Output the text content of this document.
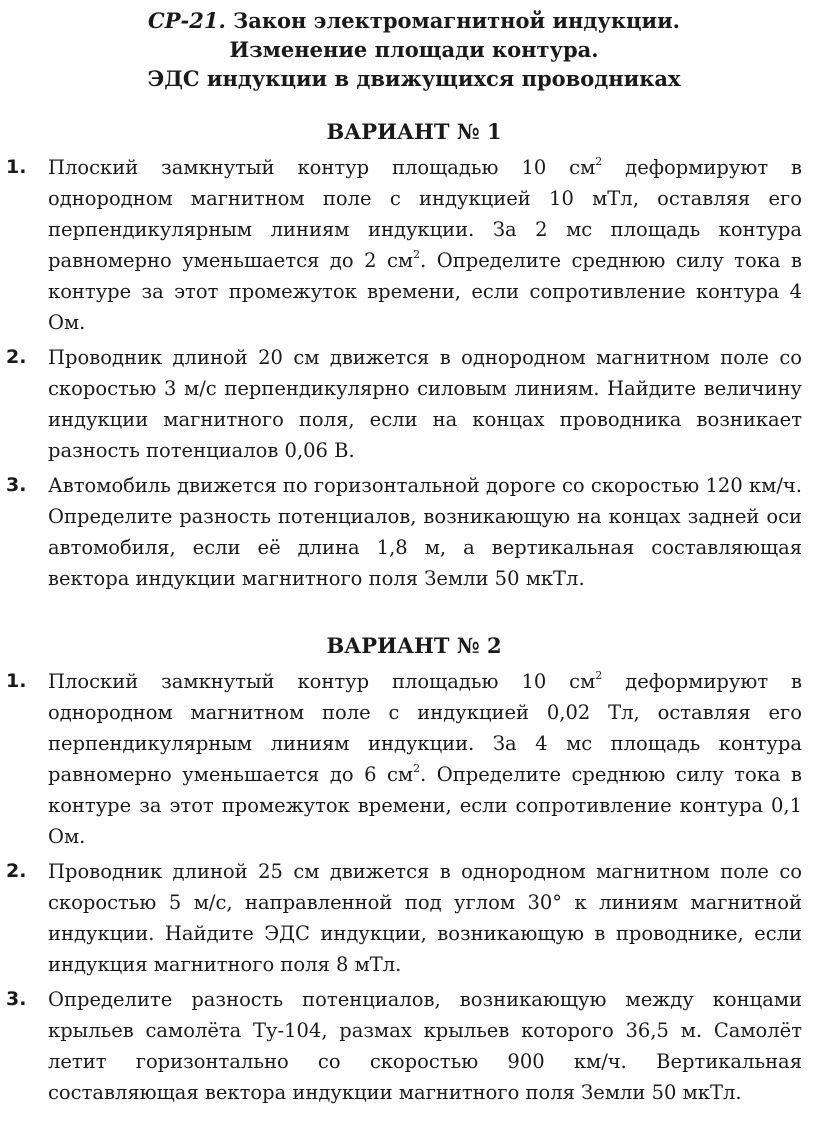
СР-21. Закон электромагнитной индукции.
Изменение площади контура.
ЭДС индукции в движущихся проводниках
ВАРИАНТ № 1
1.	Плоский замкнутый контур площадью 10 $см^2$ деформируют в однородном магнитном поле с индукцией 10 мТл, оставляя его перпендикулярным линиям индукции. За 2 мс площадь контура равномерно уменьшается до 2 $см^2$. Определите среднюю силу тока в контуре за этот промежуток времени, если сопротивление контура 4 Ом.
2.	Проводник длиной 20 см движется в однородном магнитном поле со скоростью 3 м/с перпендикулярно силовым линиям. Найдите величину индукции магнитного поля, если на концах проводника возникает разность потенциалов 0,06 В.
3.	Автомобиль движется по горизонтальной дороге со скоростью 120 км/ч. Определите разность потенциалов, возникающую на концах задней оси автомобиля, если её длина 1,8 м, а вертикальная составляющая вектора индукции магнитного поля Земли 50 мкТл.
ВАРИАНТ № 2
1.	Плоский замкнутый контур площадью 10 $см^2$ деформируют в однородном магнитном поле с индукцией 0,02 Тл, оставляя его перпендикулярным линиям индукции. За 4 мс площадь контура равномерно уменьшается до 6 $см^2$. Определите среднюю силу тока в контуре за этот промежуток времени, если сопротивление контура 0,1 Ом.
2.	Проводник длиной 25 см движется в однородном магнитном поле со скоростью 5 м/с, направленной под углом 30° к линиям магнитной индукции. Найдите ЭДС индукции, возникающую в проводнике, если индукция магнитного поля 8 мТл.
3.	Определите разность потенциалов, возникающую между концами крыльев самолёта Ту-104, размах крыльев которого 36,5 м. Самолёт летит горизонтально со скоростью 900 км/ч. Вертикальная составляющая вектора индукции магнитного поля Земли 50 мкТл.
